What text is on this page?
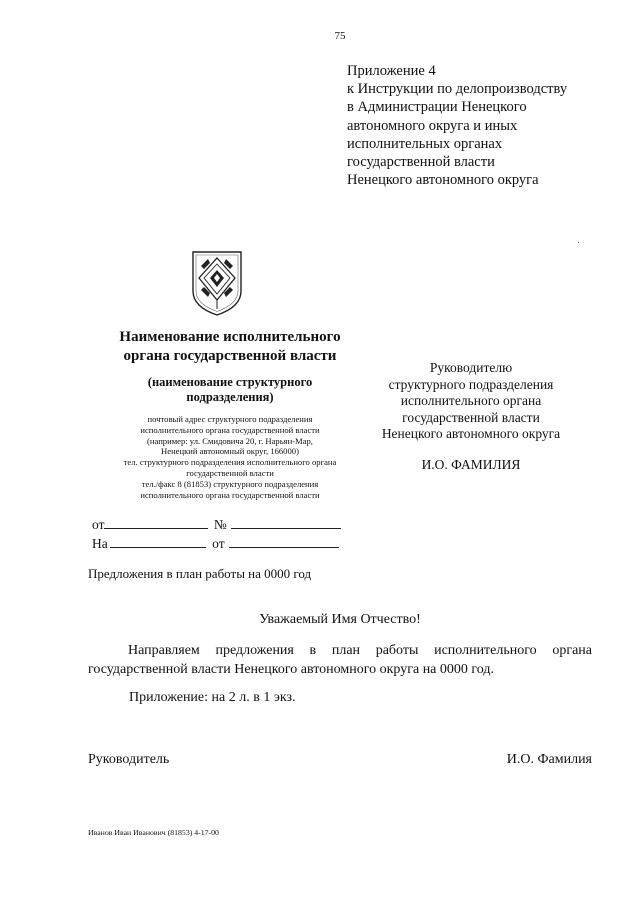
75
Приложение 4
к Инструкции по делопроизводству
в Администрации Ненецкого
автономного округа и иных
исполнительных органах
государственной власти
Ненецкого автономного округа
Наименование исполнительного
органа государственной власти
(наименование структурного
подразделения)
почтовый адрес структурного подразделения
исполнительного органа государственной власти
(например: ул. Смидовича 20, г. Нарьян-Мар,
Ненецкий автономный округ, 166000)
тел. структурного подразделения исполнительного органа
государственной власти
тел./факс 8 (81853) структурного подразделения
исполнительного органа государственной власти
от	№
На	от
Руководителю
структурного подразделения
исполнительного органа
государственной власти
Ненецкого автономного округа
И.О. ФАМИЛИЯ
Предложения в план работы на 0000 год
Уважаемый Имя Отчество!
Направляем предложения в план работы исполнительного органа государственной власти Ненецкого автономного округа на 0000 год.
Приложение: на 2 л. в 1 экз.
Руководитель	И.О. Фамилия
Иванов Иван Иванович (81853) 4-17-00
